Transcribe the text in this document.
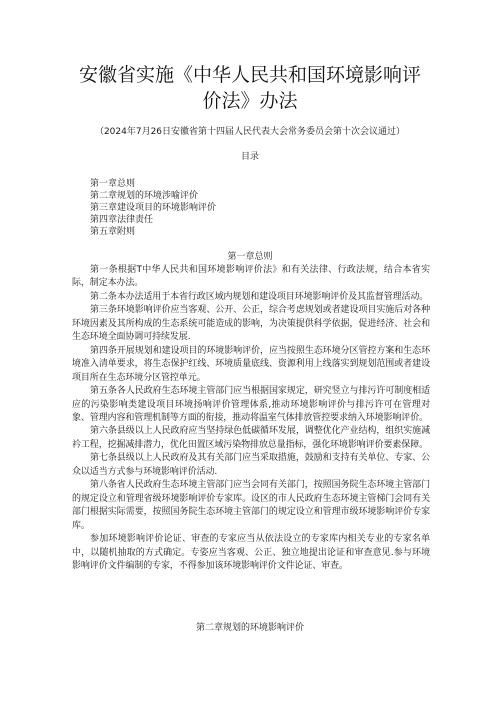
安徽省实施《中华人民共和国环境影响评
价法》办法
（2024年7月26日安徽省第十四届人民代表大会常务委员会第十次会议通过）
目录
第一章总则
第二章规划的环境涉喻评价
第三章建设项目的环境影响评价
第四章法律责任
第五章附则
第一章总则

第一条根据T中华人民共和国环境影响评价法》和有关法律、行政法规，结合本省实际，制定本办法。

第二条本办法适用于本省行政区域内规划和建设项目环境影响评价及其监督管理活动。

第三条环境影响评价应当客观、公开、公正，综合考虑规划或者建设项目实施后对各种环境因素及其所构成的生态系统可能造成的影响，为决策提供科学依据，促进经济、社会和生态环境全面协调可持续发展.

第四条开展规划和建设项目的环境影响评价，应当按照生态环境分区管控方案和生态环境准入清单要求，将生态保护红线、环境质量底线、资源利用上线落实到规划范围或者建设项目所在生态环境分区管控单元。

第五条各人民政府生态环境主管部门应当根据国家规定，研究竖立与排污许可制度相适应的污染影响类建设项目环境扬响评价管理体系,推动环境影响评价与排污许可在管理对象、管理内容和管理机制等方面的衔接，推动将温室气体排放管控要求纳入环境影响评价。

第六条县级以上人民政府应当坚持绿色低碳循环发展，调整优化产业结构，组织实施减衿工程，挖掘减排潜力，优化田置区域污染物排放总量指标，强化环境影响评价要素保障。

第七条县级以上人民政府及其有关部门应当采取措施，鼓励和支持有关单位、专家、公众以适当方式参与环境影响评价活动.

第八条省人民政府生态环境主管部门应当会同有关部门，按照国务院生态环境主管部门的规定设立和管理省级环境影响评价专家库。设区的市人民政府生态环境主管梯门会同有关部门根据实际需要，按照国务院生态环境主管部门的规定设立和管理市级环境影响评价专家库。

参加环境影响评价论证、审查的专家应当从依法设立的专家库内相关专业的专家名单中，以随机抽取的方式确定。专姿应当客观、公正、独立地提出论证和审查意见.参与环境影响评价文件编制的专家，不得参加该环境影响评价文件论证、审查。

第二章规划的环境影响评价
